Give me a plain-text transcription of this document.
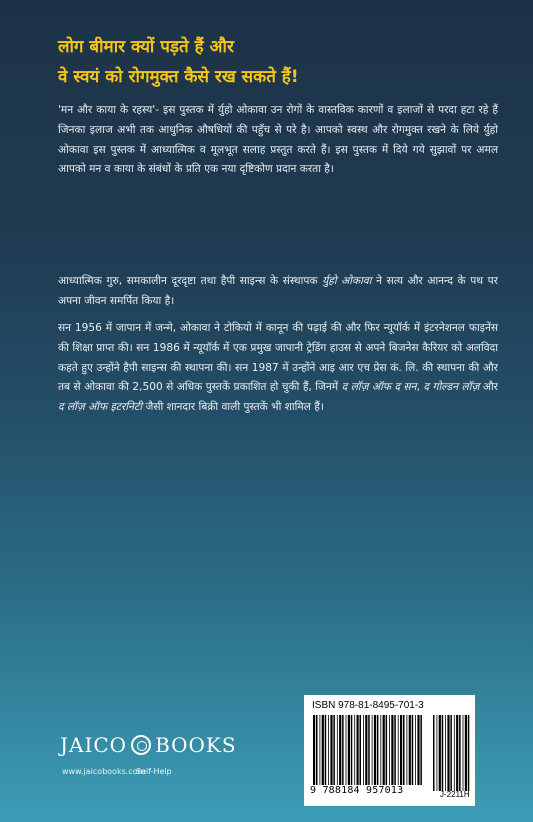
लोग बीमार क्यों पड़ते हैं और
वे स्वयं को रोगमुक्त कैसे रख सकते हैं!
'मन और काया के रहस्य'- इस पुस्तक में र्युहो ओकावा उन रोगों के वास्तविक कारणों व इलाजों से परदा हटा रहे हैं जिनका इलाज अभी तक आधुनिक औषधियों की पहुँच से परे है। आपको स्वस्थ और रोगमुक्त रखने के लिये र्युहो ओकावा इस पुस्तक में आध्यात्मिक व मूलभूत सलाह प्रस्तुत करते हैं। इस पुस्तक में दिये गये सुझावों पर अमल आपको मन व काया के संबंधों के प्रति एक नया दृष्टिकोण प्रदान करता है।
आध्यात्मिक गुरु, समकालीन दूरदृष्टा तथा हैपी साइन्स के संस्थापक र्युहो ओकावा ने सत्य और आनन्द के पथ पर अपना जीवन समर्पित किया है।
सन 1956 में जापान में जन्मे, ओकावा ने टोकियो में कानून की पढ़ाई की और फिर न्यूयॉर्क में इंटरनेशनल फाइनेंस की शिक्षा प्राप्त की। सन 1986 में न्यूयॉर्क में एक प्रमुख जापानी ट्रेडिंग हाउस से अपने बिजनेस कैरियर को अलविदा कहते हुए उन्होंने हैपी साइन्स की स्थापना की। सन 1987 में उन्होंने आइ आर एच प्रेस कं. लि. की स्थापना की और तब से ओकावा की 2,500 से अधिक पुस्तकें प्रकाशित हो चुकी हैं, जिनमें द लॉज़ ऑफ द सन, द गोल्डन लॉज़ और द लॉज़ ऑफ इटरनिटी जैसी शानदार बिक्री वाली पुस्तकें भी शामिल हैं।
JAICO BOOKS
www.jaicobooks.com
Self-Help
ISBN 978-81-8495-701-3
9 788184 957013	J-2211H
